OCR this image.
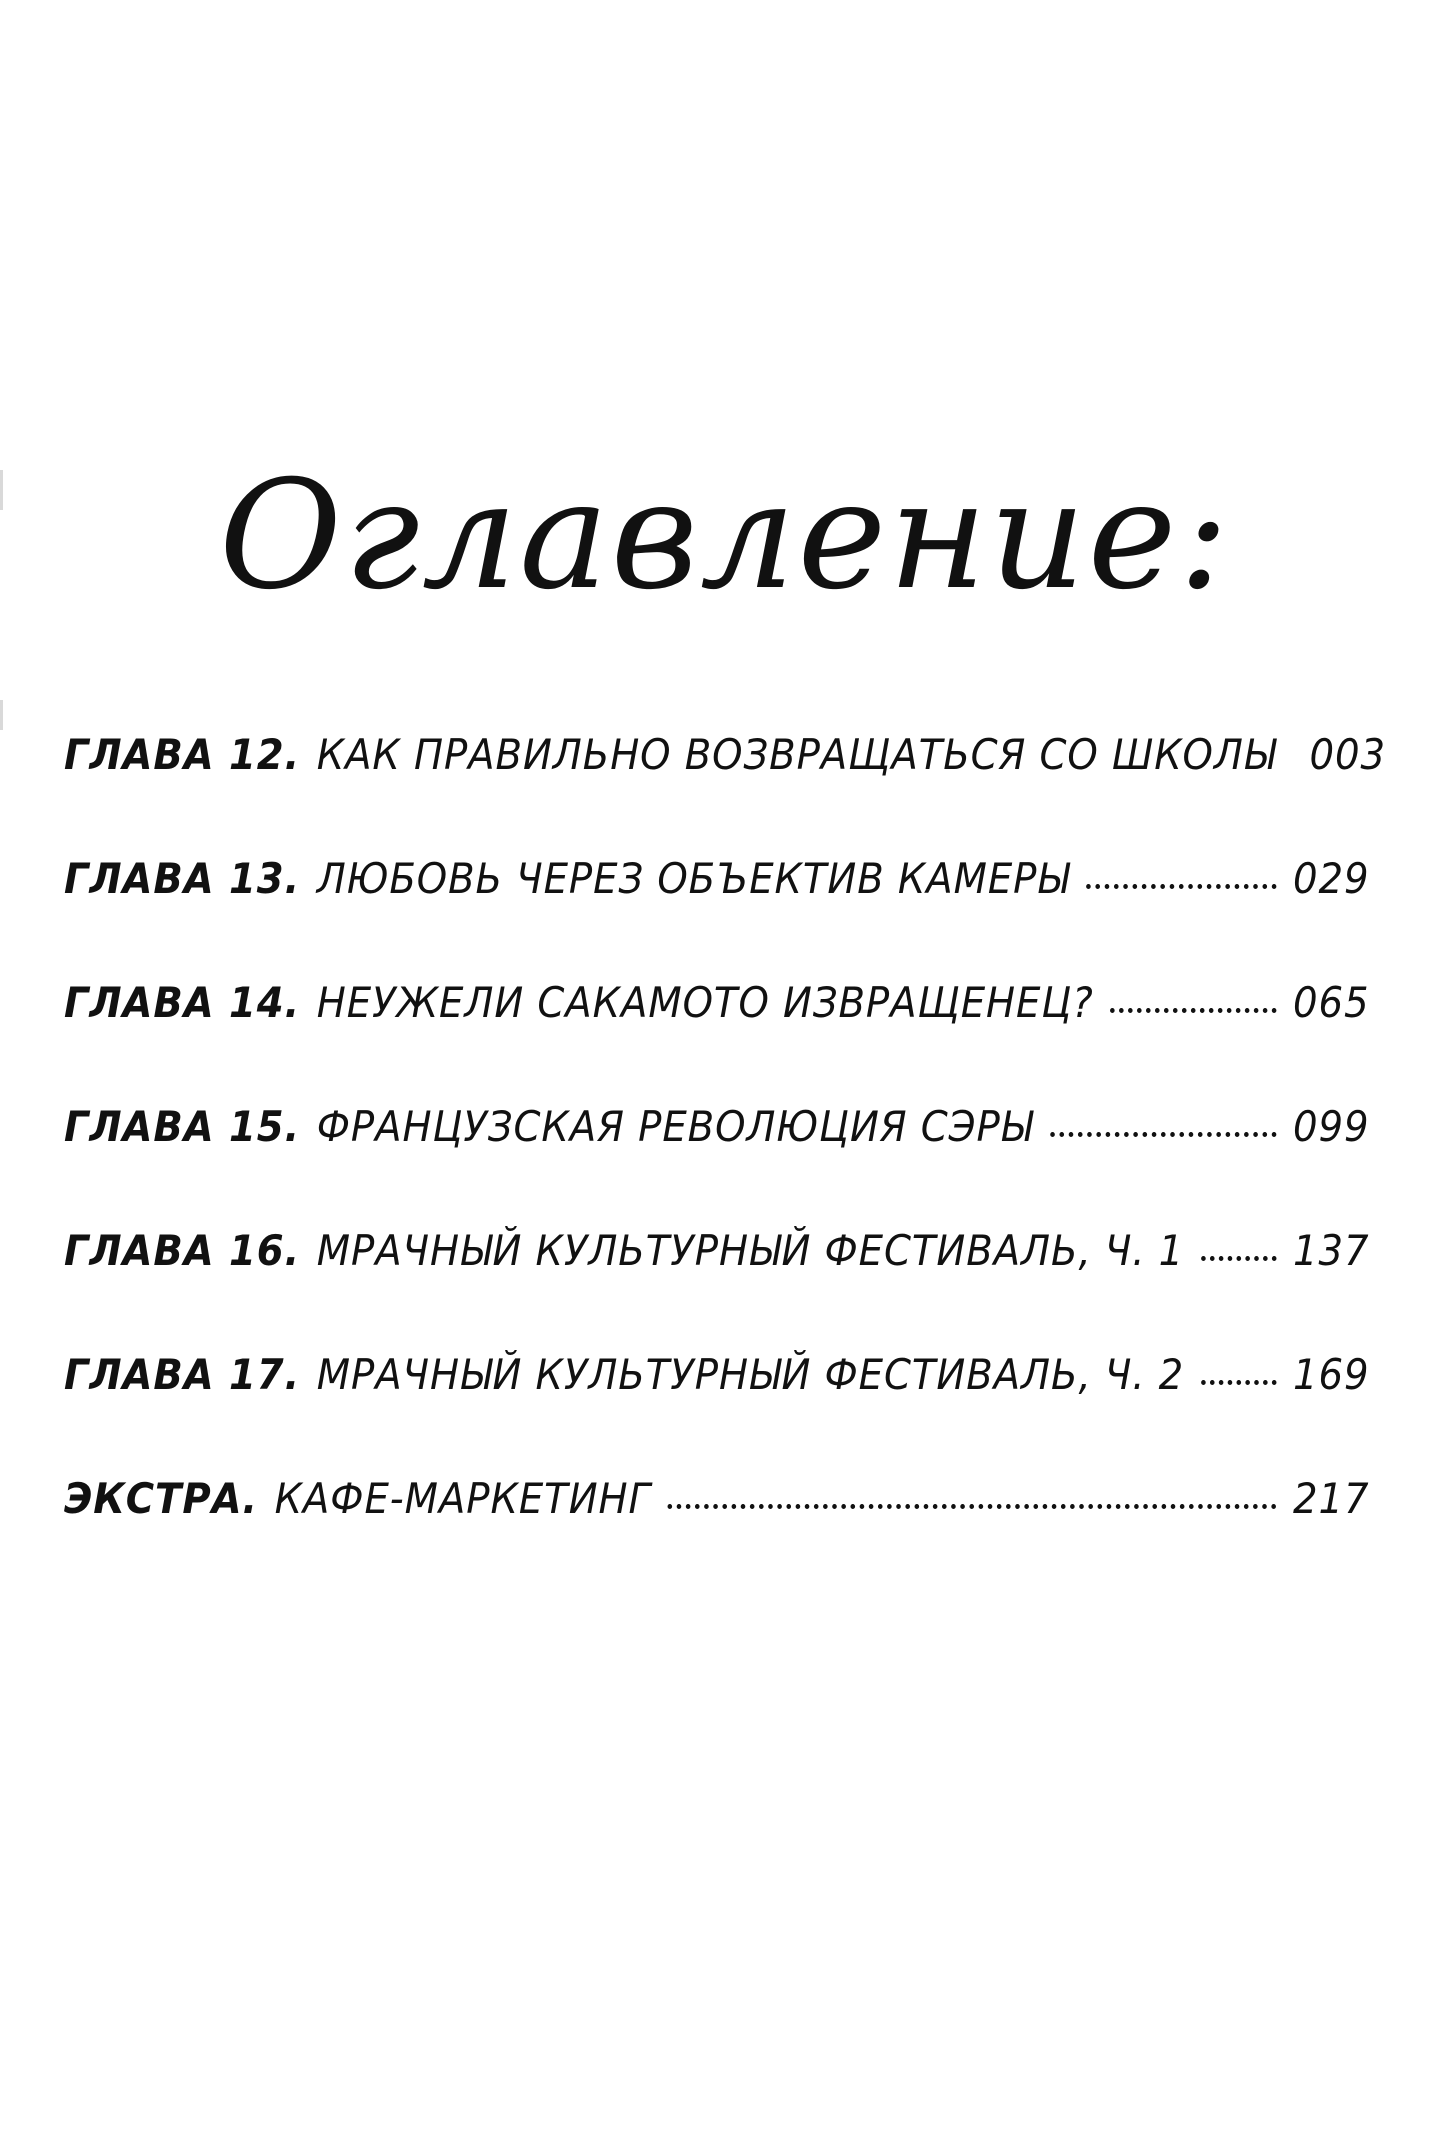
Оглавление:
ГЛАВА 12. КАК ПРАВИЛЬНО ВОЗВРАЩАТЬСЯ СО ШКОЛЫ 003
ГЛАВА 13. ЛЮБОВЬ ЧЕРЕЗ ОБЪЕКТИВ КАМЕРЫ	029
ГЛАВА 14. НЕУЖЕЛИ САКАМОТО ИЗВРАЩЕНЕЦ?	065
ГЛАВА 15. ФРАНЦУЗСКАЯ РЕВОЛЮЦИЯ СЭРЫ	099
ГЛАВА 16. МРАЧНЫЙ КУЛЬТУРНЫЙ ФЕСТИВАЛЬ, Ч. 1	137
ГЛАВА 17. МРАЧНЫЙ КУЛЬТУРНЫЙ ФЕСТИВАЛЬ, Ч. 2	169
ЭКСТРА. КАФЕ-МАРКЕТИНГ	217
